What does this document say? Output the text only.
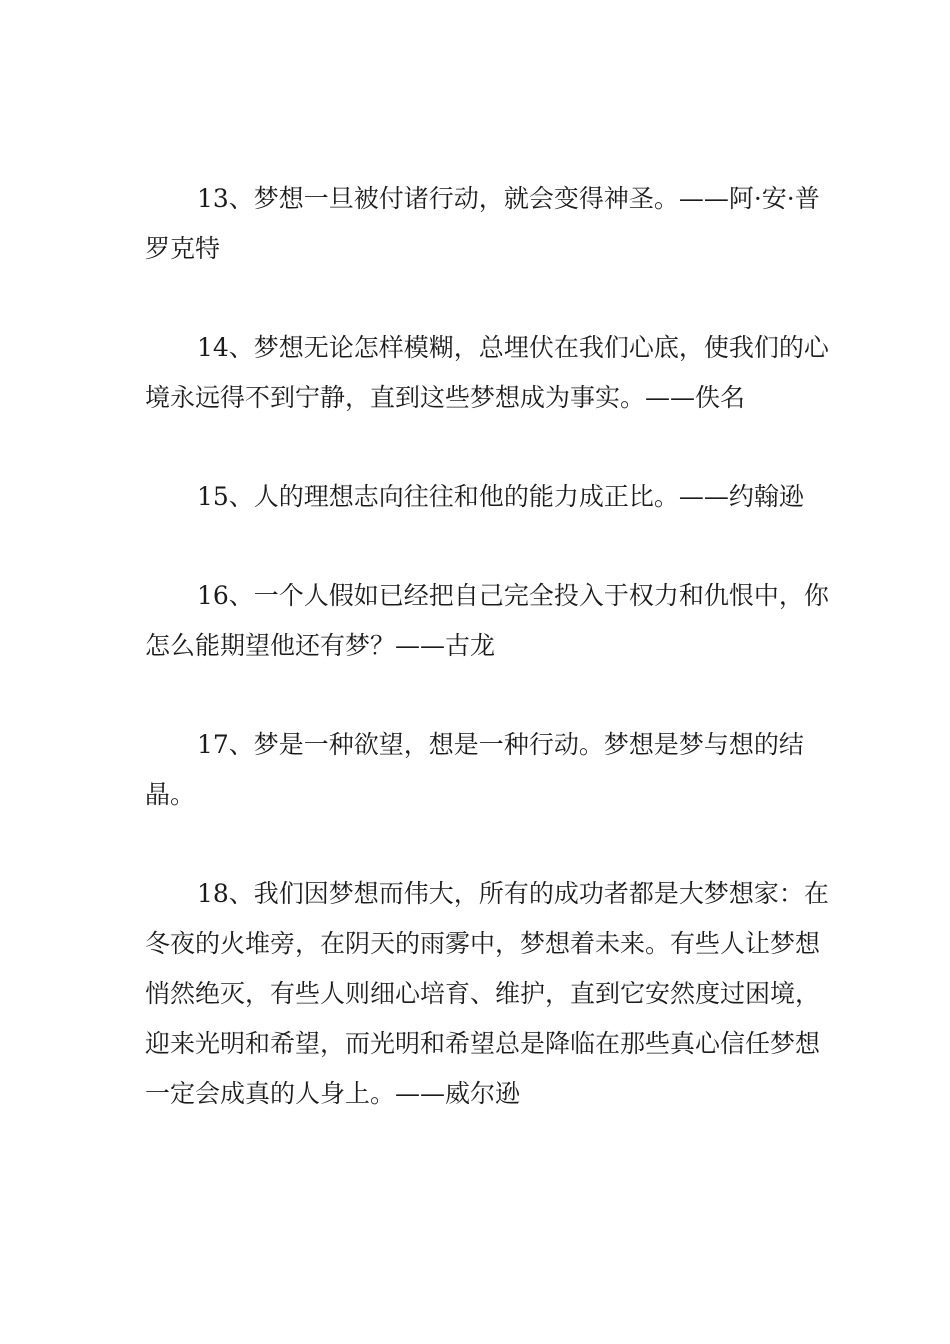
13、梦想一旦被付诸行动，就会变得神圣。——阿·安·普罗克特

14、梦想无论怎样模糊，总埋伏在我们心底，使我们的心境永远得不到宁静，直到这些梦想成为事实。——佚名

15、人的理想志向往往和他的能力成正比。——约翰逊

16、一个人假如已经把自己完全投入于权力和仇恨中，你怎么能期望他还有梦？——古龙

17、梦是一种欲望，想是一种行动。梦想是梦与想的结晶。

18、我们因梦想而伟大，所有的成功者都是大梦想家：在冬夜的火堆旁，在阴天的雨雾中，梦想着未来。有些人让梦想悄然绝灭，有些人则细心培育、维护，直到它安然度过困境，迎来光明和希望，而光明和希望总是降临在那些真心信任梦想一定会成真的人身上。——威尔逊
